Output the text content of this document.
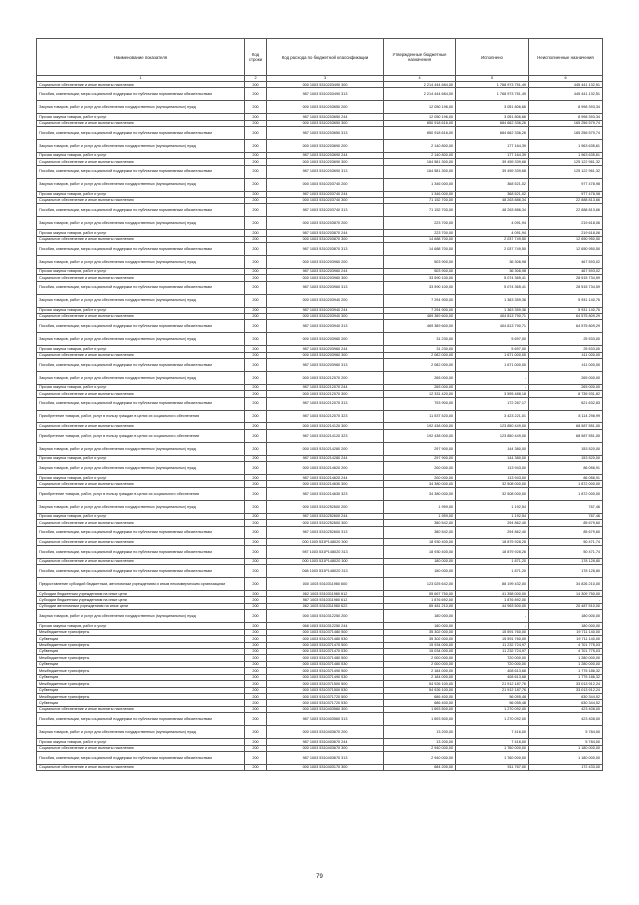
Наименование показателя	Код строки	Код расхода по бюджетной классификации	Утвержденные бюджетные назначения	Исполнено	Неисполненные назначения
1	2	3	4	5	6
Социальное обеспечение и иные выплаты населению	200	000 1003 5310203490 300	2 214 444 684,00	1 768 973 751,49	445 441 132,51
Пособия, компенсации, меры социальной поддержки по публичным нормативным обязательствам	200	987 1003 5310203490 313	2 214 444 684,00	1 768 973 751,49	445 441 132,51
Закупка товаров, работ и услуг для обеспечения государственных (муниципальных) нужд	200	000 1003 5310203650 200	12 050 196,00	3 051 806,66	8 998 393,34
Прочая закупка товаров, работ и услуг	200	987 1003 5310203650 244	12 050 196,00	3 051 806,66	8 998 393,34
Социальное обеспечение и иные выплаты населению	200	000 1003 5310203650 300	850 918 616,00	684 662 336,26	165 256 579,74
Пособия, компенсации, меры социальной поддержки по публичным нормативным обязательствам	200	987 1003 5310203650 313	850 918 616,00	684 662 336,26	165 256 579,74
Закупка товаров, работ и услуг для обеспечения государственных (муниципальных) нужд	200	000 1003 5310203690 200	2 140 800,00	177 164,39	1 963 635,61
Прочая закупка товаров, работ и услуг	200	987 1003 5310203690 244	2 140 800,00	177 164,39	1 963 635,61
Социальное обеспечение и иные выплаты населению	200	000 1003 5310203690 300	164 581 300,00	39 459 339,68	125 122 961,32
Пособия, компенсации, меры социальной поддержки по публичным нормативным обязательствам	200	987 1003 5310203690 313	164 581 300,00	39 459 339,68	125 122 961,32
Закупка товаров, работ и услуг для обеспечения государственных (муниципальных) нужд	200	000 1003 5310203740 200	1 346 000,00	368 521,02	977 478,98
Прочая закупка товаров, работ и услуг	200	987 1003 5310203740 244	1 346 000,00	368 521,02	977 478,98
Социальное обеспечение и иные выплаты населению	200	000 1003 5310203740 300	71 152 700,00	48 263 886,34	22 888 813,66
Пособия, компенсации, меры социальной поддержки по публичным нормативным обязательствам	200	987 1003 5310203740 313	71 152 700,00	48 263 886,34	22 888 813,66
Закупка товаров, работ и услуг для обеспечения государственных (муниципальных) нужд	200	000 1003 5310203870 200	223 700,00	4 091,94	219 618,06
Прочая закупка товаров, работ и услуг	200	987 1003 5310203870 244	223 700,00	4 091,94	219 618,06
Социальное обеспечение и иные выплаты населению	200	000 1003 5310203870 300	14 688 700,00	2 037 749,50	12 650 950,50
Пособия, компенсации, меры социальной поддержки по публичным нормативным обязательствам	200	987 1003 5310203870 313	14 688 700,00	2 037 749,50	12 650 950,50
Закупка товаров, работ и услуг для обеспечения государственных (муниципальных) нужд	200	000 1003 5310203960 200	503 900,00	36 306,98	467 593,02
Прочая закупка товаров, работ и услуг	200	987 1003 5310203960 244	503 900,00	36 306,98	467 593,02
Социальное обеспечение и иные выплаты населению	200	000 1003 5310203960 300	33 590 100,00	5 074 365,41	28 515 734,59
Пособия, компенсации, меры социальной поддержки по публичным нормативным обязательствам	200	987 1003 5310203960 313	33 590 100,00	5 074 365,41	28 515 734,59
Закупка товаров, работ и услуг для обеспечения государственных (муниципальных) нужд	200	000 1003 5310203940 200	7 294 900,00	1 363 359,36	5 931 140,76
Прочая закупка товаров, работ и услуг	200	987 1003 5310203940 244	7 294 900,00	1 363 359,36	5 931 140,76
Социальное обеспечение и иные выплаты населению	200	000 1003 5310203940 300	469 389 600,00	404 813 790,71	64 575 809,29
Пособия, компенсации, меры социальной поддержки по публичным нормативным обязательствам	200	987 1003 5310203940 313	469 389 600,00	404 813 790,71	64 575 809,29
Закупка товаров, работ и услуг для обеспечения государственных (муниципальных) нужд	200	000 1003 5310203960 200	31 230,00	5 697,00	25 533,00
Прочая закупка товаров, работ и услуг	200	987 1003 5310203960 244	31 230,00	5 697,00	25 533,00
Социальное обеспечение и иные выплаты населению	200	000 1003 5310203960 300	2 082 000,00	1 671 000,00	411 000,00
Пособия, компенсации, меры социальной поддержки по публичным нормативным обязательствам	200	987 1003 5310203960 313	2 082 000,00	1 671 000,00	411 000,00
Закупка товаров, работ и услуг для обеспечения государственных (муниципальных) нужд	200	000 1003 5310212070 200	265 000,00	-	265 000,00
Прочая закупка товаров, работ и услуг	200	987 1003 5310212070 244	265 000,00	-	265 000,00
Социальное обеспечение и иные выплаты населению	200	000 1003 5310212070 300	12 331 420,00	3 595 488,18	8 735 931,82
Пособия, компенсации, меры социальной поддержки по публичным нормативным обязательствам	200	987 1003 5310212070 313	793 900,00	172 267,17	621 632,83
Приобретение товаров, работ, услуг в пользу граждан в целях их социального обеспечения	200	987 1003 5310212070 323	11 537 520,00	3 423 221,01	8 114 298,99
Социальное обеспечение и иные выплаты населению	200	000 1003 5310214120 300	192 438 000,00	123 850 449,00	68 587 551,00
Приобретение товаров, работ, услуг в пользу граждан в целях их социального обеспечения	200	987 1003 5310214120 323	192 438 000,00	123 850 449,00	68 587 551,00
Закупка товаров, работ и услуг для обеспечения государственных (муниципальных) нужд	200	000 1003 5310214280 200	297 900,00	144 380,00	153 520,00
Прочая закупка товаров, работ и услуг	200	987 1003 5310214280 244	297 900,00	144 380,00	153 520,00
Закупка товаров, работ и услуг для обеспечения государственных (муниципальных) нужд	200	000 1003 5310214620 200	200 000,00	113 943,00	86 056,91
Прочая закупка товаров, работ и услуг	200	987 1003 5310214620 244	200 000,00	113 943,00	86 056,91
Социальное обеспечение и иные выплаты населению	200	000 1003 5310214630 300	34 380 000,00	32 508 000,00	1 872 000,00
Приобретение товаров, работ, услуг в пользу граждан в целях их социального обеспечения	200	987 1003 5310214630 323	34 380 000,00	32 508 000,00	1 872 000,00
Закупка товаров, работ и услуг для обеспечения государственных (муниципальных) нужд	200	000 1003 5310252600 200	1 959,00	1 192,54	767,46
Прочая закупка товаров, работ и услуг	200	987 1003 5310252600 244	1 959,00	1 192,54	767,46
Социальное обеспечение и иные выплаты населению	200	000 1003 5310252600 300	380 542,00	294 862,40	85 679,60
Пособия, компенсации, меры социальной поддержки по публичным нормативным обязательствам	200	987 1003 5310252600 313	380 542,00	294 862,40	85 679,60
Социальное обеспечение и иные выплаты населению	200	000 1003 531Р148020 300	18 930 400,00	18 879 928,28	50 471,74
Пособия, компенсации, меры социальной поддержки по публичным нормативным обязательствам	200	987 1003 531Р148020 313	18 930 400,00	18 879 928,26	50 471,74
Социальное обеспечение и иные выплаты населению	200	000 1003 531Р148020 300	180 000,00	1 871,20	178 128,80
Пособия, компенсации, меры социальной поддержки по публичным нормативным обязательствам	200	068 1003 531Р148020 313	180 000,00	1 871,20	178 128,80
Предоставление субсидий бюджетным, автономным учреждениям и иным некоммерческим организациям	200	000 1003 5310311980 600	123 025 642,00	88 199 432,00	34 826 210,00
Субсидии бюджетным учреждениям на иные цели	200	062 1003 5310311980 612	55 667 750,00	41 358 000,00	14 309 750,00
Субсидии бюджетным учреждениям на иные цели	200	987 1003 5310311980 612	1 876 692,00	1 876 892,00	-
Субсидии автономным учреждениям на иные цели	200	062 1003 5310311980 622	65 481 210,00	44 963 500,00	20 487 510,00
Закупка товаров, работ и услуг для обеспечения государственных (муниципальных) нужд	200	000 1003 5310312250 200	180 000,00	-	180 000,00
Прочая закупка товаров, работ и услуг	200	068 1003 5310312250 244	180 000,00	-	180 000,00
Межбюджетные трансферты	200	000 1003 5310371480 500	35 302 000,00	15 591 760,00	19 711 140,00
Субвенции	200	000 1003 5310371480 530	35 302 000,00	15 591 760,00	19 711 140,00
Межбюджетные трансферты	200	000 1003 5310371470 500	15 934 000,00	11 232 724,97	4 701 775,03
Субвенции	200	000 1003 5310371470 530	15 034 000,00	11 232 724,97	4 701 775,03
Межбюджетные трансферты	200	000 1003 5310371480 500	2 000 000,00	720 000,00	1 280 000,00
Субвенции	200	000 1003 5310371480 530	2 000 000,00	720 000,00	1 280 000,00
Межбюджетные трансферты	200	000 1003 5310371490 500	2 184 000,00	408 613,68	1 775 186,32
Субвенции	200	000 1003 5310371490 530	2 184 000,00	408 613,68	1 775 186,32
Межбюджетные трансферты	200	000 1003 5310371500 500	54 926 100,00	21 912 187,76	33 013 912,24
Субвенции	200	000 1003 5310371500 530	54 926 100,00	21 912 187,76	33 013 912,24
Межбюджетные трансферты	200	000 1003 5310371720 500	686 400,00	56 055,48	630 344,52
Субвенции	200	000 1003 5310371720 530	686 400,00	56 055,48	630 344,52
Социальное обеспечение и иные выплаты населению	200	000 1003 5310403560 300	1 693 500,00	1 270 092,00	423 408,00
Пособия, компенсации, меры социальной поддержки по публичным нормативным обязательствам	200	987 1003 5310403560 313	1 693 500,00	1 270 092,00	423 408,00
Закупка товаров, работ и услуг для обеспечения государственных (муниципальных) нужд	200	000 1003 5310403670 200	13 200,00	7 416,00	5 784,00
Прочая закупка товаров, работ и услуг	200	987 1003 5310403670 244	13 200,00	7 416,00	5 784,00
Социальное обеспечение и иные выплаты населению	200	000 1003 5310403670 300	2 940 000,00	1 760 000,00	1 180 000,00
Пособия, компенсации, меры социальной поддержки по публичным нормативным обязательствам	200	987 1003 5310403670 313	2 940 000,00	1 760 000,00	1 180 000,00
Социальное обеспечение и иные выплаты населению	200	000 1003 5310403170 300	684 200,00	511 767,00	172 433,00
79
